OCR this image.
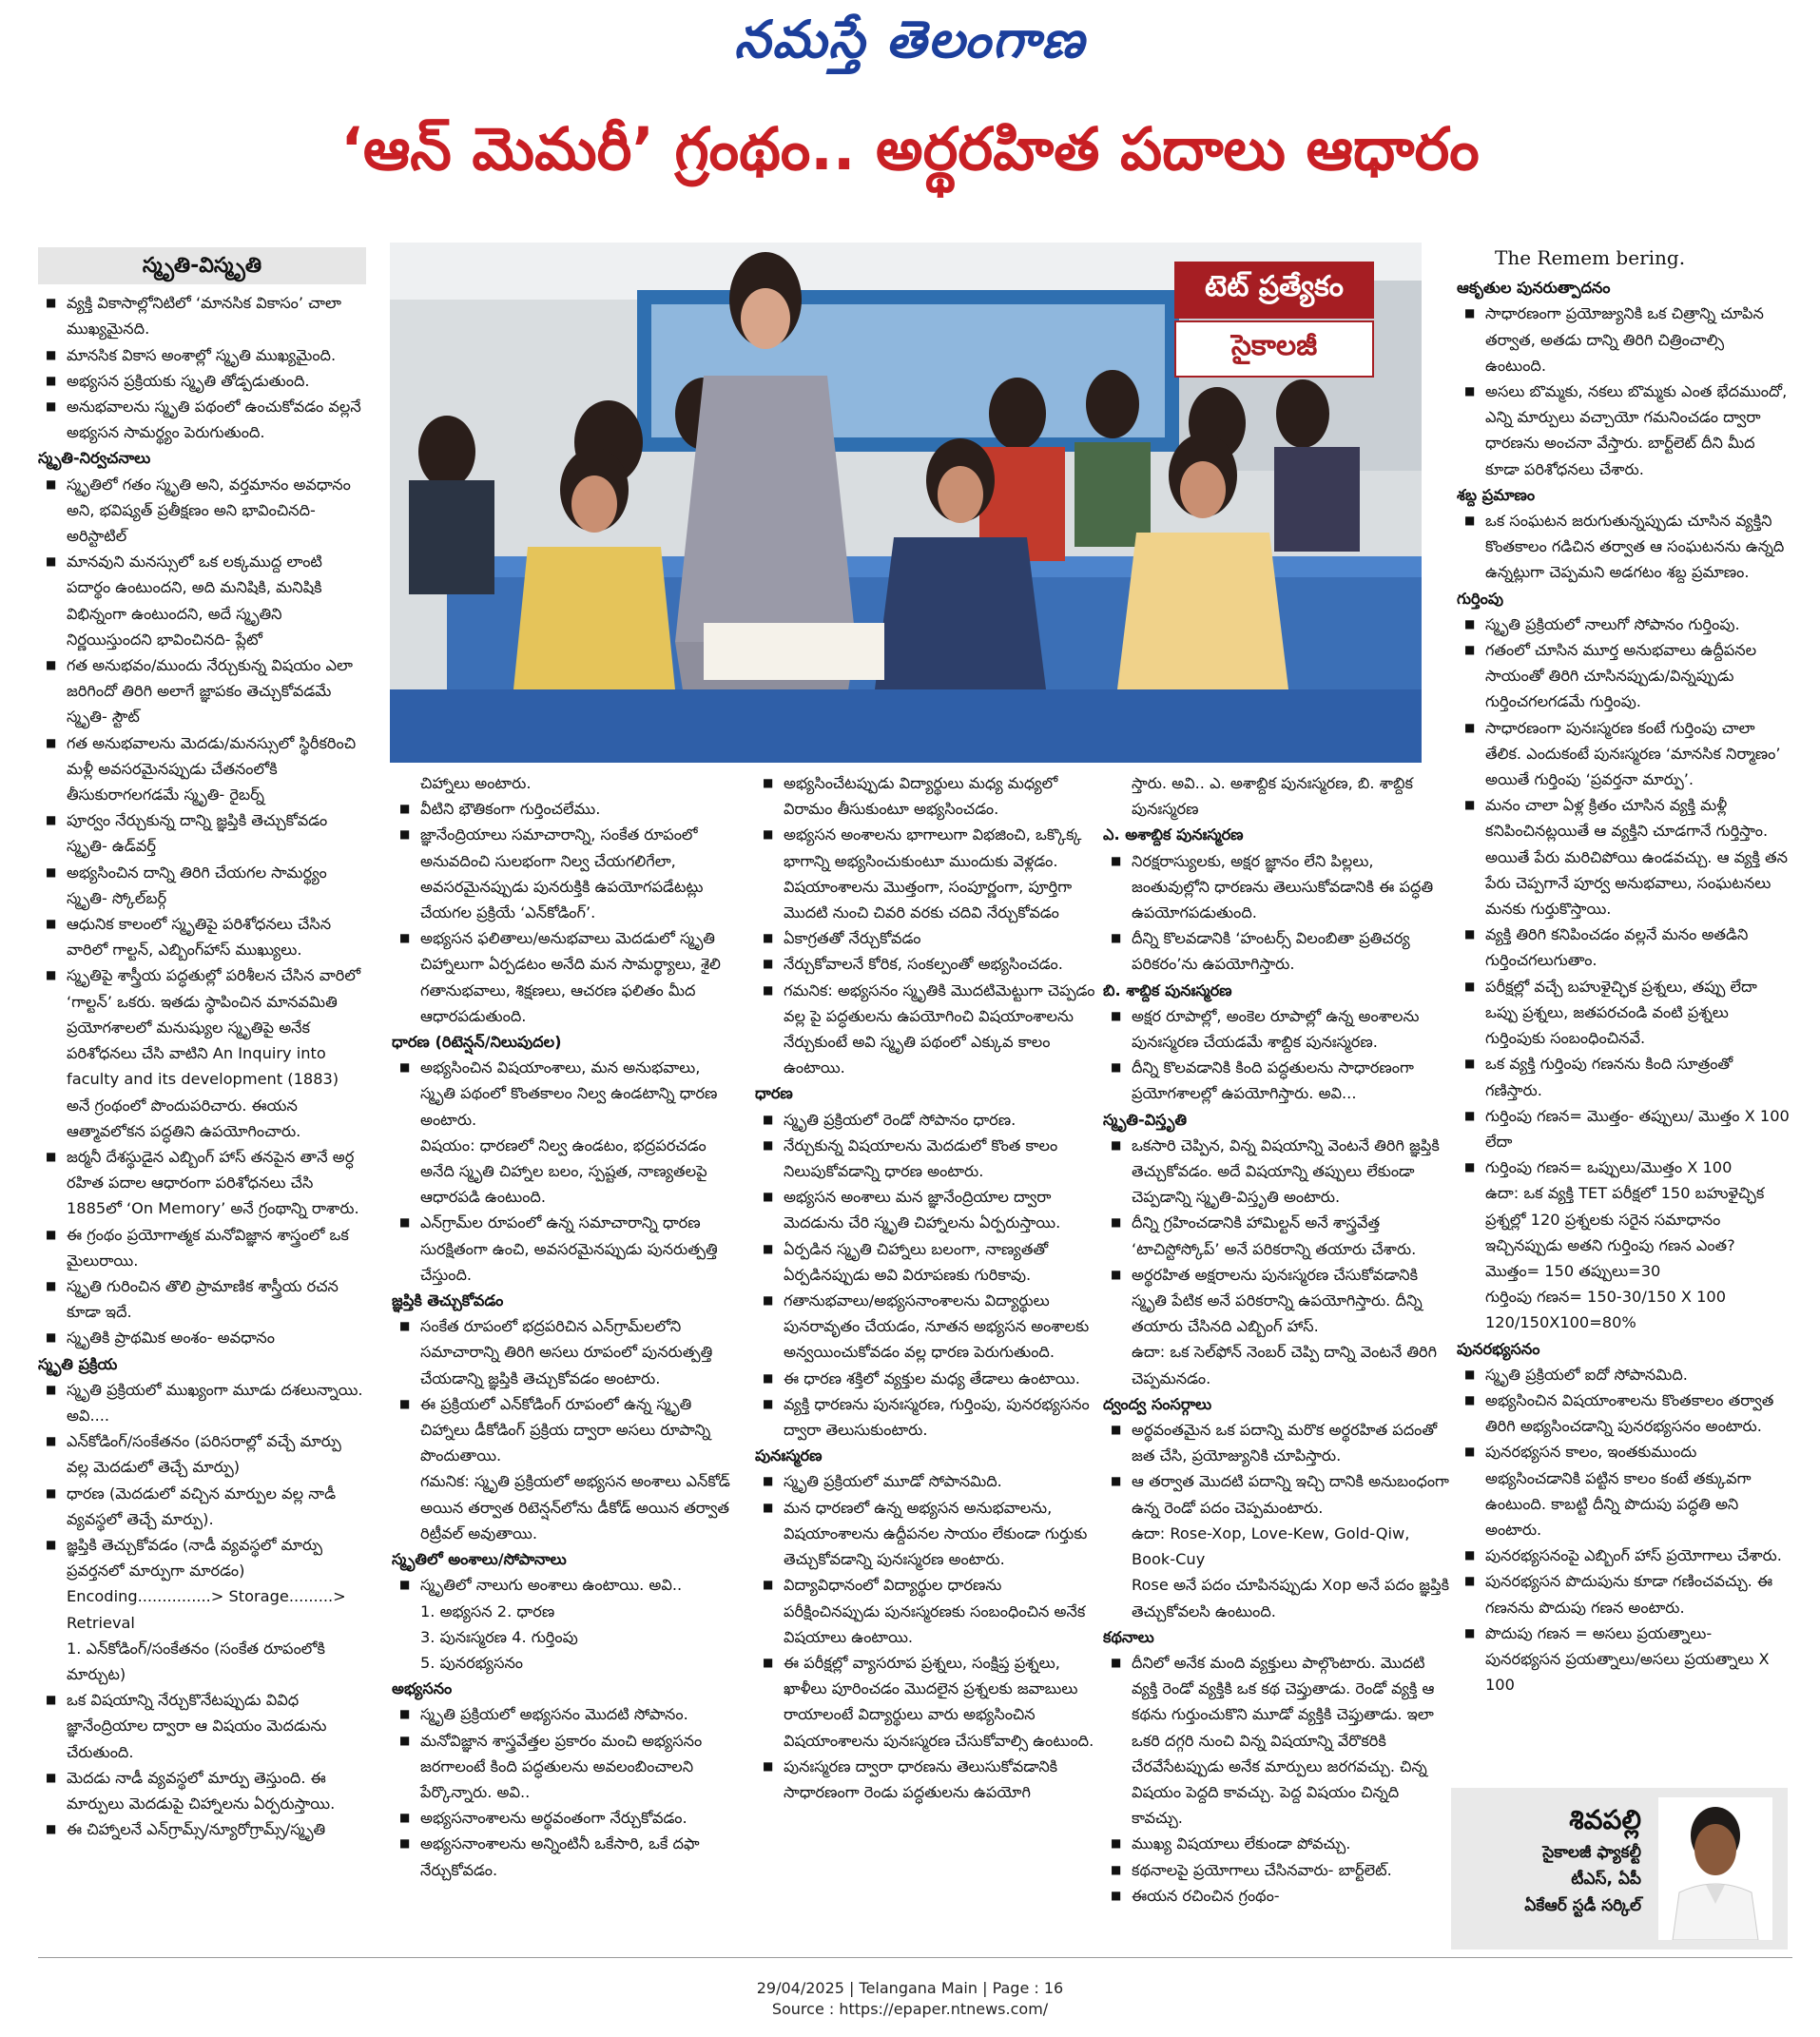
నమస్తే తెలంగాణ
‘ఆన్ మెమరీ’ గ్రంథం.. అర్థరహిత పదాలు ఆధారం
స్మృతి-విస్మృతి

■ వ్యక్తి వికాసాల్లోనిటిలో ‘మానసిక వికాసం’ చాలా ముఖ్యమైనది.

■ మానసిక వికాస అంశాల్లో స్మృతి ముఖ్యమైంది.

■ అభ్యసన ప్రక్రియకు స్మృతి తోడ్పడుతుంది.

■ అనుభవాలను స్మృతి పథంలో ఉంచుకోవడం వల్లనే అభ్యసన సామర్థ్యం పెరుగుతుంది.

స్మృతి-నిర్వచనాలు

■ స్మృతిలో గతం స్మృతి అని, వర్తమానం అవధానం అని, భవిష్యత్ ప్రతీక్షణం అని భావించినది- అరిస్టాటిల్

■ మానవుని మనస్సులో ఒక లక్కముద్ద లాంటి పదార్థం ఉంటుందని, అది మనిషికి, మనిషికి విభిన్నంగా ఉంటుందని, అదే స్మృతిని నిర్ణయిస్తుందని భావించినది- ప్లేటో

■ గత అనుభవం/ముందు నేర్చుకున్న విషయం ఎలా జరిగిందో తిరిగి అలాగే జ్ఞాపకం తెచ్చుకోవడమే స్మృతి- స్టౌట్

■ గత అనుభవాలను మెదడు/మనస్సులో స్థిరీకరించి మళ్లీ అవసరమైనప్పుడు చేతనంలోకి తీసుకురాగలగడమే స్మృతి- రైబర్న్

■ పూర్వం నేర్చుకున్న దాన్ని జ్ఞప్తికి తెచ్చుకోవడం స్మృతి- ఉడ్‌వర్త్

■ అభ్యసించిన దాన్ని తిరిగి చేయగల సామర్థ్యం స్మృతి- స్కోల్‌బర్గ్

■ ఆధునిక కాలంలో స్మృతిపై పరిశోధనలు చేసిన వారిలో గాల్టన్, ఎబ్బింగ్‌హాస్ ముఖ్యులు.

■ స్మృతిపై శాస్త్రీయ పద్ధతుల్లో పరిశీలన చేసిన వారిలో ‘గాల్టన్’ ఒకరు. ఇతడు స్థాపించిన మానవమితి ప్రయోగశాలలో మనుష్యుల స్మృతిపై అనేక పరిశోధనలు చేసి వాటిని An Inquiry into faculty and its development (1883) అనే గ్రంథంలో పొందుపరిచారు. ఈయన ఆత్మావలోకన పద్ధతిని ఉపయోగించారు.

■ జర్మనీ దేశస్థుడైన ఎబ్బింగ్ హాస్ తనపైన తానే అర్ధ రహిత పదాల ఆధారంగా పరిశోధనలు చేసి 1885లో ‘On Memory’ అనే గ్రంథాన్ని రాశారు.

■ ఈ గ్రంథం ప్రయోగాత్మక మనోవిజ్ఞాన శాస్త్రంలో ఒక మైలురాయి.

■ స్మృతి గురించిన తొలి ప్రామాణిక శాస్త్రీయ రచన కూడా ఇదే.

■ స్మృతికి ప్రాథమిక అంశం- అవధానం

స్మృతి ప్రక్రియ

■ స్మృతి ప్రక్రియలో ముఖ్యంగా మూడు దశలున్నాయి. అవి....

■ ఎన్‌కోడింగ్/సంకేతనం (పరిసరాల్లో వచ్చే మార్పు వల్ల మెదడులో తెచ్చే మార్పు)

■ ధారణ (మెదడులో వచ్చిన మార్పుల వల్ల నాడీ వ్యవస్థలో తెచ్చే మార్పు).

■ జ్ఞప్తికి తెచ్చుకోవడం (నాడీ వ్యవస్థలో మార్పు ప్రవర్తనలో మార్పుగా మారడం)

Encoding...............> Storage.........> Retrieval

1. ఎన్‌కోడింగ్/సంకేతనం (సంకేత రూపంలోకి మార్చుట)

■ ఒక విషయాన్ని నేర్చుకొనేటప్పుడు వివిధ జ్ఞానేంద్రియాల ద్వారా ఆ విషయం మెదడును చేరుతుంది.

■ మెదడు నాడీ వ్యవస్థలో మార్పు తెస్తుంది. ఈ మార్పులు మెదడుపై చిహ్నాలను ఏర్పరుస్తాయి.

■ ఈ చిహ్నాలనే ఎన్‌గ్రామ్స్/న్యూరోగ్రామ్స్/స్మృతి

టెట్ ప్రత్యేకం
సైకాలజీ

చిహ్నాలు అంటారు.

■ వీటిని భౌతికంగా గుర్తించలేము.

■ జ్ఞానేంద్రియాలు సమాచారాన్ని, సంకేత రూపంలో అనువదించి సులభంగా నిల్వ చేయగలిగేలా, అవసరమైనప్పుడు పునరుక్తికి ఉపయోగపడేటట్లు చేయగల ప్రక్రియే ‘ఎన్‌కోడింగ్’.

■ అభ్యసన ఫలితాలు/అనుభవాలు మెదడులో స్మృతి చిహ్నాలుగా ఏర్పడటం అనేది మన సామర్థ్యాలు, శైలి గతానుభవాలు, శిక్షణలు, ఆచరణ ఫలితం మీద ఆధారపడుతుంది.

ధారణ (రిటెన్షన్/నిలుపుదల)

■ అభ్యసించిన విషయాంశాలు, మన అనుభవాలు, స్మృతి పథంలో కొంతకాలం నిల్వ ఉండటాన్ని ధారణ అంటారు.

విషయం: ధారణలో నిల్వ ఉండటం, భద్రపరచడం అనేది స్మృతి చిహ్నాల బలం, స్పష్టత, నాణ్యతలపై ఆధారపడి ఉంటుంది.

■ ఎన్‌గ్రామ్‌ల రూపంలో ఉన్న సమాచారాన్ని ధారణ సురక్షితంగా ఉంచి, అవసరమైనప్పుడు పునరుత్పత్తి చేస్తుంది.

జ్ఞప్తికి తెచ్చుకోవడం

■ సంకేత రూపంలో భద్రపరిచిన ఎన్‌గ్రామ్‌లలోని సమాచారాన్ని తిరిగి అసలు రూపంలో పునరుత్పత్తి చేయడాన్ని జ్ఞప్తికి తెచ్చుకోవడం అంటారు.

■ ఈ ప్రక్రియలో ఎన్‌కోడింగ్ రూపంలో ఉన్న స్మృతి చిహ్నాలు డీకోడింగ్ ప్రక్రియ ద్వారా అసలు రూపాన్ని పొందుతాయి.

గమనిక: స్మృతి ప్రక్రియలో అభ్యసన అంశాలు ఎన్‌కోడ్ అయిన తర్వాత రిటెన్షన్‌లోను డీకోడ్ అయిన తర్వాత రిట్రీవల్ అవుతాయి.

స్మృతిలో అంశాలు/సోపానాలు

■ స్మృతిలో నాలుగు అంశాలు ఉంటాయి. అవి..

1. అభ్యసన 2. ధారణ

3. పునఃస్మరణ 4. గుర్తింపు

5. పునరభ్యసనం

అభ్యసనం

■ స్మృతి ప్రక్రియలో అభ్యసనం మొదటి సోపానం.

■ మనోవిజ్ఞాన శాస్త్రవేత్తల ప్రకారం మంచి అభ్యసనం జరగాలంటే కింది పద్ధతులను అవలంబించాలని పేర్కొన్నారు. అవి..

■ అభ్యసనాంశాలను అర్థవంతంగా నేర్చుకోవడం.

■ అభ్యసనాంశాలను అన్నింటినీ ఒకేసారి, ఒకే దఫా నేర్చుకోవడం.

■ అభ్యసించేటప్పుడు విద్యార్థులు మధ్య మధ్యలో విరామం తీసుకుంటూ అభ్యసించడం.

■ అభ్యసన అంశాలను భాగాలుగా విభజించి, ఒక్కొక్క భాగాన్ని అభ్యసించుకుంటూ ముందుకు వెళ్లడం. విషయాంశాలను మొత్తంగా, సంపూర్ణంగా, పూర్తిగా మొదటి నుంచి చివరి వరకు చదివి నేర్చుకోవడం

■ ఏకాగ్రతతో నేర్చుకోవడం

■ నేర్చుకోవాలనే కోరిక, సంకల్పంతో అభ్యసించడం.

■ గమనిక: అభ్యసనం స్మృతికి మొదటిమెట్టుగా చెప్పడం వల్ల పై పద్ధతులను ఉపయోగించి విషయాంశాలను నేర్చుకుంటే అవి స్మృతి పథంలో ఎక్కువ కాలం ఉంటాయి.

ధారణ

■ స్మృతి ప్రక్రియలో రెండో సోపానం ధారణ.

■ నేర్చుకున్న విషయాలను మెదడులో కొంత కాలం నిలుపుకోవడాన్ని ధారణ అంటారు.

■ అభ్యసన అంశాలు మన జ్ఞానేంద్రియాల ద్వారా మెదడును చేరి స్మృతి చిహ్నాలను ఏర్పరుస్తాయి.

■ ఏర్పడిన స్మృతి చిహ్నాలు బలంగా, నాణ్యతతో ఏర్పడినప్పుడు అవి విరూపణకు గురికావు.

■ గతానుభవాలు/అభ్యసనాంశాలను విద్యార్థులు పునరావృతం చేయడం, నూతన అభ్యసన అంశాలకు అన్వయించుకోవడం వల్ల ధారణ పెరుగుతుంది.

■ ఈ ధారణ శక్తిలో వ్యక్తుల మధ్య తేడాలు ఉంటాయి.

■ వ్యక్తి ధారణను పునఃస్మరణ, గుర్తింపు, పునరభ్యసనం ద్వారా తెలుసుకుంటారు.

పునఃస్మరణ

■ స్మృతి ప్రక్రియలో మూడో సోపానమిది.

■ మన ధారణలో ఉన్న అభ్యసన అనుభవాలను, విషయాంశాలను ఉద్దీపనల సాయం లేకుండా గుర్తుకు తెచ్చుకోవడాన్ని పునఃస్మరణ అంటారు.

■ విద్యావిధానంలో విద్యార్థుల ధారణను పరీక్షించినప్పుడు పునఃస్మరణకు సంబంధించిన అనేక విషయాలు ఉంటాయి.

■ ఈ పరీక్షల్లో వ్యాసరూప ప్రశ్నలు, సంక్షిప్త ప్రశ్నలు, ఖాళీలు పూరించడం మొదలైన ప్రశ్నలకు జవాబులు రాయాలంటే విద్యార్థులు వారు అభ్యసించిన విషయాంశాలను పునఃస్మరణ చేసుకోవాల్సి ఉంటుంది.

■ పునఃస్మరణ ద్వారా ధారణను తెలుసుకోవడానికి సాధారణంగా రెండు పద్ధతులను ఉపయోగి

స్తారు. అవి.. ఎ. అశాబ్దిక పునఃస్మరణ, బి. శాబ్దిక పునఃస్మరణ

ఎ. అశాబ్దిక పునఃస్మరణ

■ నిరక్షరాస్యులకు, అక్షర జ్ఞానం లేని పిల్లలు, జంతువుల్లోని ధారణను తెలుసుకోవడానికి ఈ పద్ధతి ఉపయోగపడుతుంది.

■ దీన్ని కొలవడానికి ‘హంటర్స్ విలంబితా ప్రతిచర్య పరికరం’ను ఉపయోగిస్తారు.

బి. శాబ్దిక పునఃస్మరణ

■ అక్షర రూపాల్లో, అంకెల రూపాల్లో ఉన్న అంశాలను పునఃస్మరణ చేయడమే శాబ్దిక పునఃస్మరణ.

■ దీన్ని కొలవడానికి కింది పద్ధతులను సాధారణంగా ప్రయోగశాలల్లో ఉపయోగిస్తారు. అవి...

స్మృతి-విస్తృతి

■ ఒకసారి చెప్పిన, విన్న విషయాన్ని వెంటనే తిరిగి జ్ఞప్తికి తెచ్చుకోవడం. అదే విషయాన్ని తప్పులు లేకుండా చెప్పడాన్ని స్మృతి-విస్తృతి అంటారు.

■ దీన్ని గ్రహించడానికి హామిల్టన్ అనే శాస్త్రవేత్త ‘టాచిస్టోస్కోప్’ అనే పరికరాన్ని తయారు చేశారు.

■ అర్థరహిత అక్షరాలను పునఃస్మరణ చేసుకోవడానికి స్మృతి పేటిక అనే పరికరాన్ని ఉపయోగిస్తారు. దీన్ని తయారు చేసినది ఎబ్బింగ్ హాస్.

ఉదా: ఒక సెల్‌ఫోన్ నెంబర్ చెప్పి దాన్ని వెంటనే తిరిగి చెప్పమనడం.

ద్వంద్వ సంసర్గాలు

■ అర్థవంతమైన ఒక పదాన్ని మరొక అర్థరహిత పదంతో జత చేసి, ప్రయోజ్యునికి చూపిస్తారు.

■ ఆ తర్వాత మొదటి పదాన్ని ఇచ్చి దానికి అనుబంధంగా ఉన్న రెండో పదం చెప్పమంటారు.

ఉదా: Rose-Xop, Love-Kew, Gold-Qiw, Book-Cuy

Rose అనే పదం చూపినప్పుడు Xop అనే పదం జ్ఞప్తికి తెచ్చుకోవలసి ఉంటుంది.

కథనాలు

■ దీనిలో అనేక మంది వ్యక్తులు పాల్గొంటారు. మొదటి వ్యక్తి రెండో వ్యక్తికి ఒక కథ చెప్తుతాడు. రెండో వ్యక్తి ఆ కథను గుర్తుంచుకొని మూడో వ్యక్తికి చెప్తుతాడు. ఇలా ఒకరి దగ్గరి నుంచి విన్న విషయాన్ని వేరొకరికి చేరవేసేటప్పుడు అనేక మార్పులు జరగవచ్చు. చిన్న విషయం పెద్దది కావచ్చు. పెద్ద విషయం చిన్నది కావచ్చు.

■ ముఖ్య విషయాలు లేకుండా పోవచ్చు.

■ కథనాలపై ప్రయోగాలు చేసినవారు- బార్ట్‌లెట్.

■ ఈయన రచించిన గ్రంథం-

The Remem bering.

ఆకృతుల పునరుత్పాదనం

■ సాధారణంగా ప్రయోజ్యునికి ఒక చిత్రాన్ని చూపిన తర్వాత, అతడు దాన్ని తిరిగి చిత్రించాల్సి ఉంటుంది.

■ అసలు బొమ్మకు, నకలు బొమ్మకు ఎంత భేదముందో, ఎన్ని మార్పులు వచ్చాయో గమనించడం ద్వారా ధారణను అంచనా వేస్తారు. బార్ట్‌లెట్ దీని మీద కూడా పరిశోధనలు చేశారు.

శబ్ద ప్రమాణం

■ ఒక సంఘటన జరుగుతున్నప్పుడు చూసిన వ్యక్తిని కొంతకాలం గడిచిన తర్వాత ఆ సంఘటనను ఉన్నది ఉన్నట్లుగా చెప్పమని అడగటం శబ్ద ప్రమాణం.

గుర్తింపు

■ స్మృతి ప్రక్రియలో నాలుగో సోపానం గుర్తింపు.

■ గతంలో చూసిన మూర్త అనుభవాలు ఉద్దీపనల సాయంతో తిరిగి చూసినప్పుడు/విన్నప్పుడు గుర్తించగలగడమే గుర్తింపు.

■ సాధారణంగా పునఃస్మరణ కంటే గుర్తింపు చాలా తేలిక. ఎందుకంటే పునఃస్మరణ ‘మానసిక నిర్మాణం’ అయితే గుర్తింపు ‘ప్రవర్తనా మార్పు’.

■ మనం చాలా ఏళ్ల క్రితం చూసిన వ్యక్తి మళ్లీ కనిపించినట్లయితే ఆ వ్యక్తిని చూడగానే గుర్తిస్తాం. అయితే పేరు మరిచిపోయి ఉండవచ్చు. ఆ వ్యక్తి తన పేరు చెప్పగానే పూర్వ అనుభవాలు, సంఘటనలు మనకు గుర్తుకొస్తాయి.

■ వ్యక్తి తిరిగి కనిపించడం వల్లనే మనం అతడిని గుర్తించగలుగుతాం.

■ పరీక్షల్లో వచ్చే బహుళైచ్ఛిక ప్రశ్నలు, తప్పు లేదా ఒప్పు ప్రశ్నలు, జతపరచండి వంటి ప్రశ్నలు గుర్తింపుకు సంబంధించినవే.

■ ఒక వ్యక్తి గుర్తింపు గణనను కింది సూత్రంతో గణిస్తారు.

■ గుర్తింపు గణన= మొత్తం- తప్పులు/ మొత్తం X 100 లేదా

■ గుర్తింపు గణన= ఒప్పులు/మొత్తం X 100

ఉదా: ఒక వ్యక్తి TET పరీక్షలో 150 బహుళైచ్ఛిక ప్రశ్నల్లో 120 ప్రశ్నలకు సరైన సమాధానం ఇచ్చినప్పుడు అతని గుర్తింపు గణన ఎంత?

మొత్తం= 150 తప్పులు=30

గుర్తింపు గణన= 150-30/150 X 100

120/150X100=80%

పునరభ్యసనం

■ స్మృతి ప్రక్రియలో ఐదో సోపానమిది.

■ అభ్యసించిన విషయాంశాలను కొంతకాలం తర్వాత తిరిగి అభ్యసించడాన్ని పునరభ్యసనం అంటారు.

■ పునరభ్యసన కాలం, ఇంతకుముందు అభ్యసించడానికి పట్టిన కాలం కంటే తక్కువగా ఉంటుంది. కాబట్టి దీన్ని పొదుపు పద్ధతి అని అంటారు.

■ పునరభ్యసనంపై ఎబ్బింగ్ హాస్ ప్రయోగాలు చేశారు.

■ పునరభ్యసన పొదుపును కూడా గణించవచ్చు. ఈ గణనను పొదుపు గణన అంటారు.

■ పొదుపు గణన = అసలు ప్రయత్నాలు- పునరభ్యసన ప్రయత్నాలు/అసలు ప్రయత్నాలు X 100

శివపల్లి
సైకాలజీ ఫ్యాకల్టీ
టీఎస్, ఏపీ
ఏకేఆర్ స్టడీ సర్కిల్
29/04/2025 | Telangana Main | Page : 16
Source : https://epaper.ntnews.com/
